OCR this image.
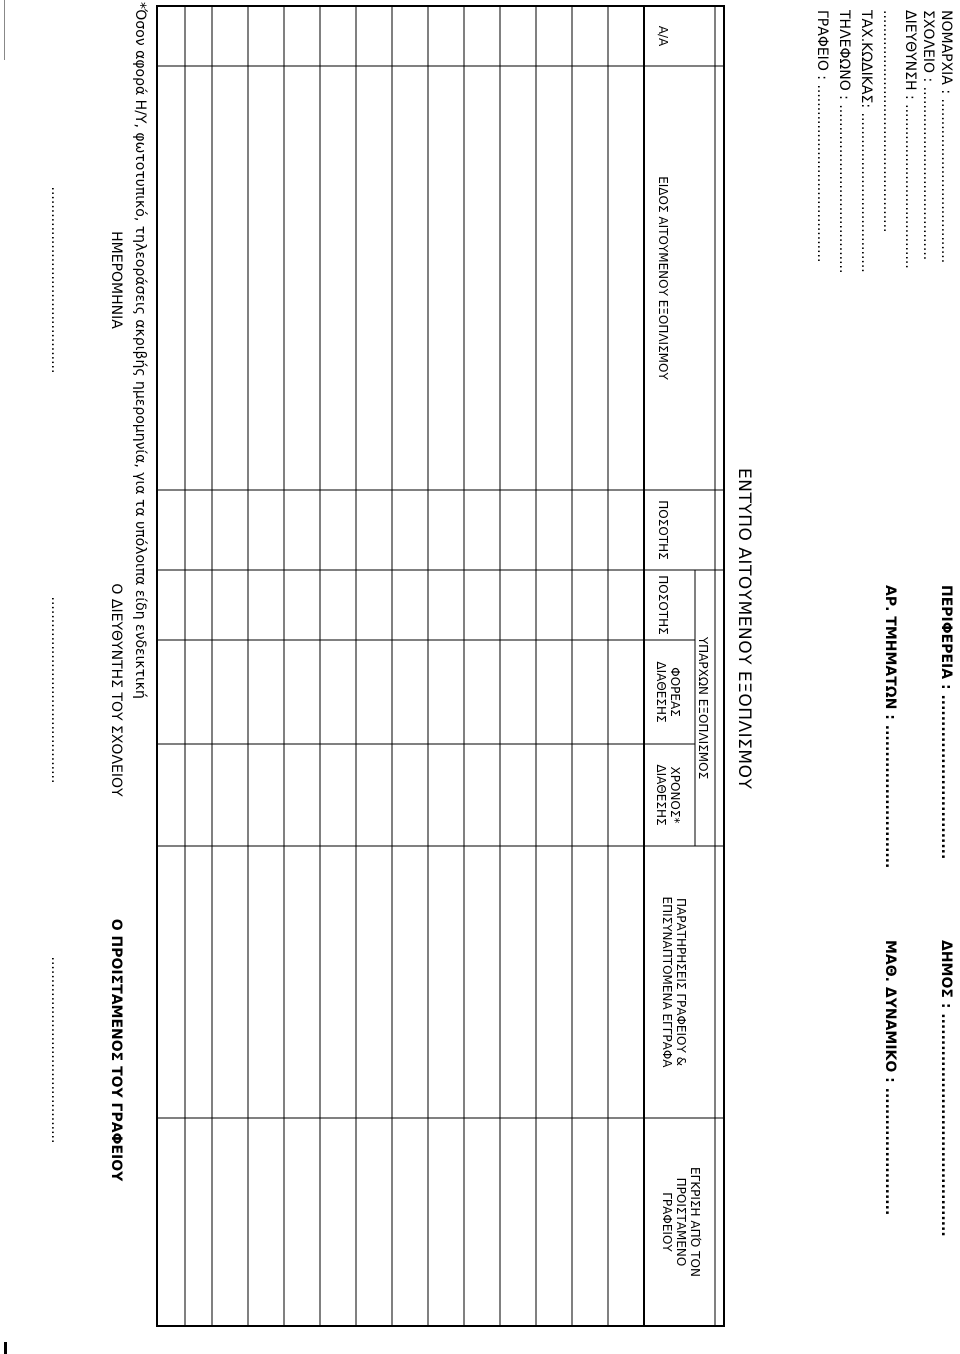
ΝΟΜΑΡΧΙΑ : .....................................
ΣΧΟΛΕΙΟ : .......................................
ΔΙΕΥΘΥΝΣΗ : .....................................
..................................................
ΤΑΧ.ΚΩΔΙΚΑΣ: ....................................
ΤΗΛΕΦΩΝΟ : ......................................
ΓΡΑΦΕΙΟ : ........................................
ΠΕΡΙΦΕΡΕΙΑ : ...............................​
ΔΗΜΟΣ : ..........................................
ΑΡ. ΤΜΗΜΑΤΩΝ : ...........................
ΜΑΘ. ΔΥΝΑΜΙΚΟ : ........................
ΕΝΤΥΠΟ ΑΙΤΟΥΜΕΝΟΥ ΕΞΟΠΛΙΣΜΟΥ
Α/Α
ΕΙΔΟΣ ΑΙΤΟΥΜΕΝΟΥ ΕΞΟΠΛΙΣΜΟΥ
ΠΟΣΟΤΗΣ
ΥΠΑΡΧΩΝ ΕΞΟΠΛΙΣΜΟΣ
ΠΟΣΟΤΗΣ
ΦΟΡΕΑΣ
ΔΙΑΘΕΣΗΣ
ΧΡΟΝΟΣ*
ΔΙΑΘΕΣΗΣ
ΠΑΡΑΤΗΡΗΣΕΙΣ ΓΡΑΦΕΙΟΥ &
ΕΠΙΣΥΝΑΠΤΟΜΕΝΑ ΕΓΓΡΑΦΑ
ΕΓΚΡΙΣΗ ΑΠΌ ΤΟΝ
ΠΡΟΙΣΤΑΜΕΝΟ
ΓΡΑΦΕΙΟΥ
*Όσον αφορά Η/Υ, φωτοτυπικό, τηλεοράσεις ακριβής ημερομηνία, για τα υπόλοιπα είδη ενδεικτική
ΗΜΕΡΟΜΗΝΙΑ
Ο ΔΙΕΥΘΥΝΤΗΣ ΤΟΥ ΣΧΟΛΕΙΟΥ
Ο ΠΡΟΙΣΤΑΜΕΝΟΣ ΤΟΥ ΓΡΑΦΕΙΟΥ
..........................................
..........................................
..........................................
